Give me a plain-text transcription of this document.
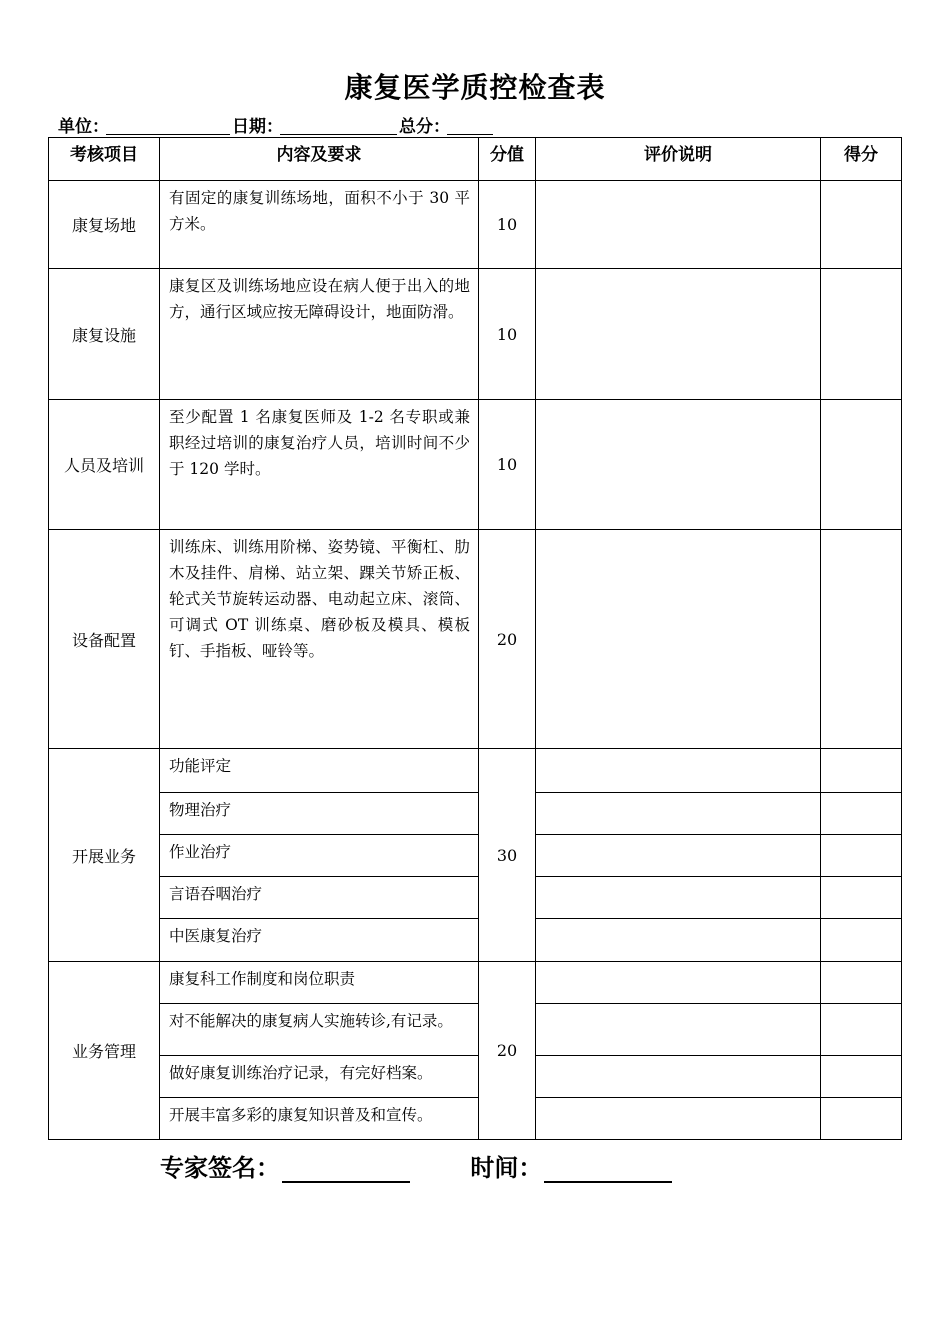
康复医学质控检查表
单位：	日期：	总分：
考核项目	内容及要求	分值	评价说明	得分
康复场地	有固定的康复训练场地，面积不小于 30 平方米。	10		
康复设施	康复区及训练场地应设在病人便于出入的地方，通行区域应按无障碍设计，地面防滑。	10		
人员及培训	至少配置 1 名康复医师及 1-2 名专职或兼职经过培训的康复治疗人员，培训时间不少于 120 学时。	10		
设备配置	训练床、训练用阶梯、姿势镜、平衡杠、肋木及挂件、肩梯、站立架、踝关节矫正板、轮式关节旋转运动器、电动起立床、滚筒、可调式 OT 训练桌、磨砂板及模具、模板钉、手指板、哑铃等。	20		
开展业务	功能评定	30		
	物理治疗			
	作业治疗			
	言语吞咽治疗			
	中医康复治疗			
业务管理	康复科工作制度和岗位职责	20		
	对不能解决的康复病人实施转诊,有记录。			
	做好康复训练治疗记录，有完好档案。			
	开展丰富多彩的康复知识普及和宣传。			
专家签名：	时间：
